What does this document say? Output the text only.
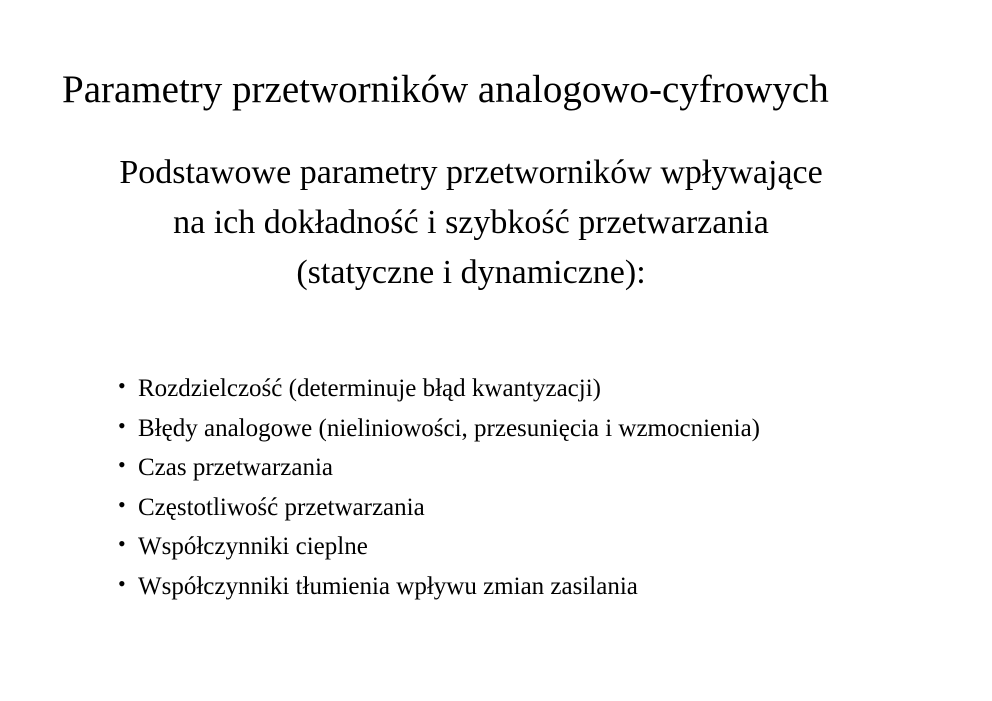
Parametry przetworników analogowo-cyfrowych

Podstawowe parametry przetworników wpływające
na ich dokładność i szybkość przetwarzania
(statyczne i dynamiczne):

• Rozdzielczość (determinuje błąd kwantyzacji)
• Błędy analogowe (nieliniowości, przesunięcia i wzmocnienia)
• Czas przetwarzania
• Częstotliwość przetwarzania
• Współczynniki cieplne
• Współczynniki tłumienia wpływu zmian zasilania
